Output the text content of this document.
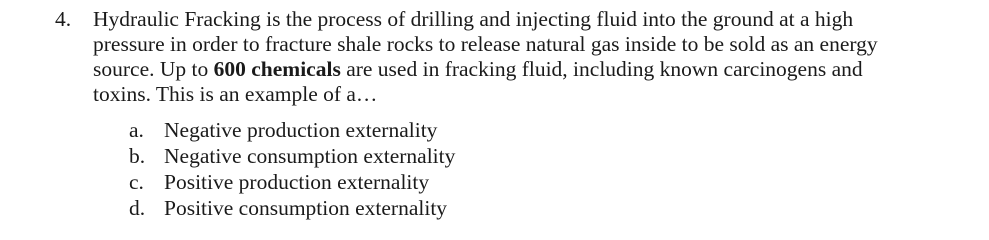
4. Hydraulic Fracking is the process of drilling and injecting fluid into the ground at a high
pressure in order to fracture shale rocks to release natural gas inside to be sold as an energy
source. Up to 600 chemicals are used in fracking fluid, including known carcinogens and
toxins. This is an example of a…
a. Negative production externality
b. Negative consumption externality
c. Positive production externality
d. Positive consumption externality
